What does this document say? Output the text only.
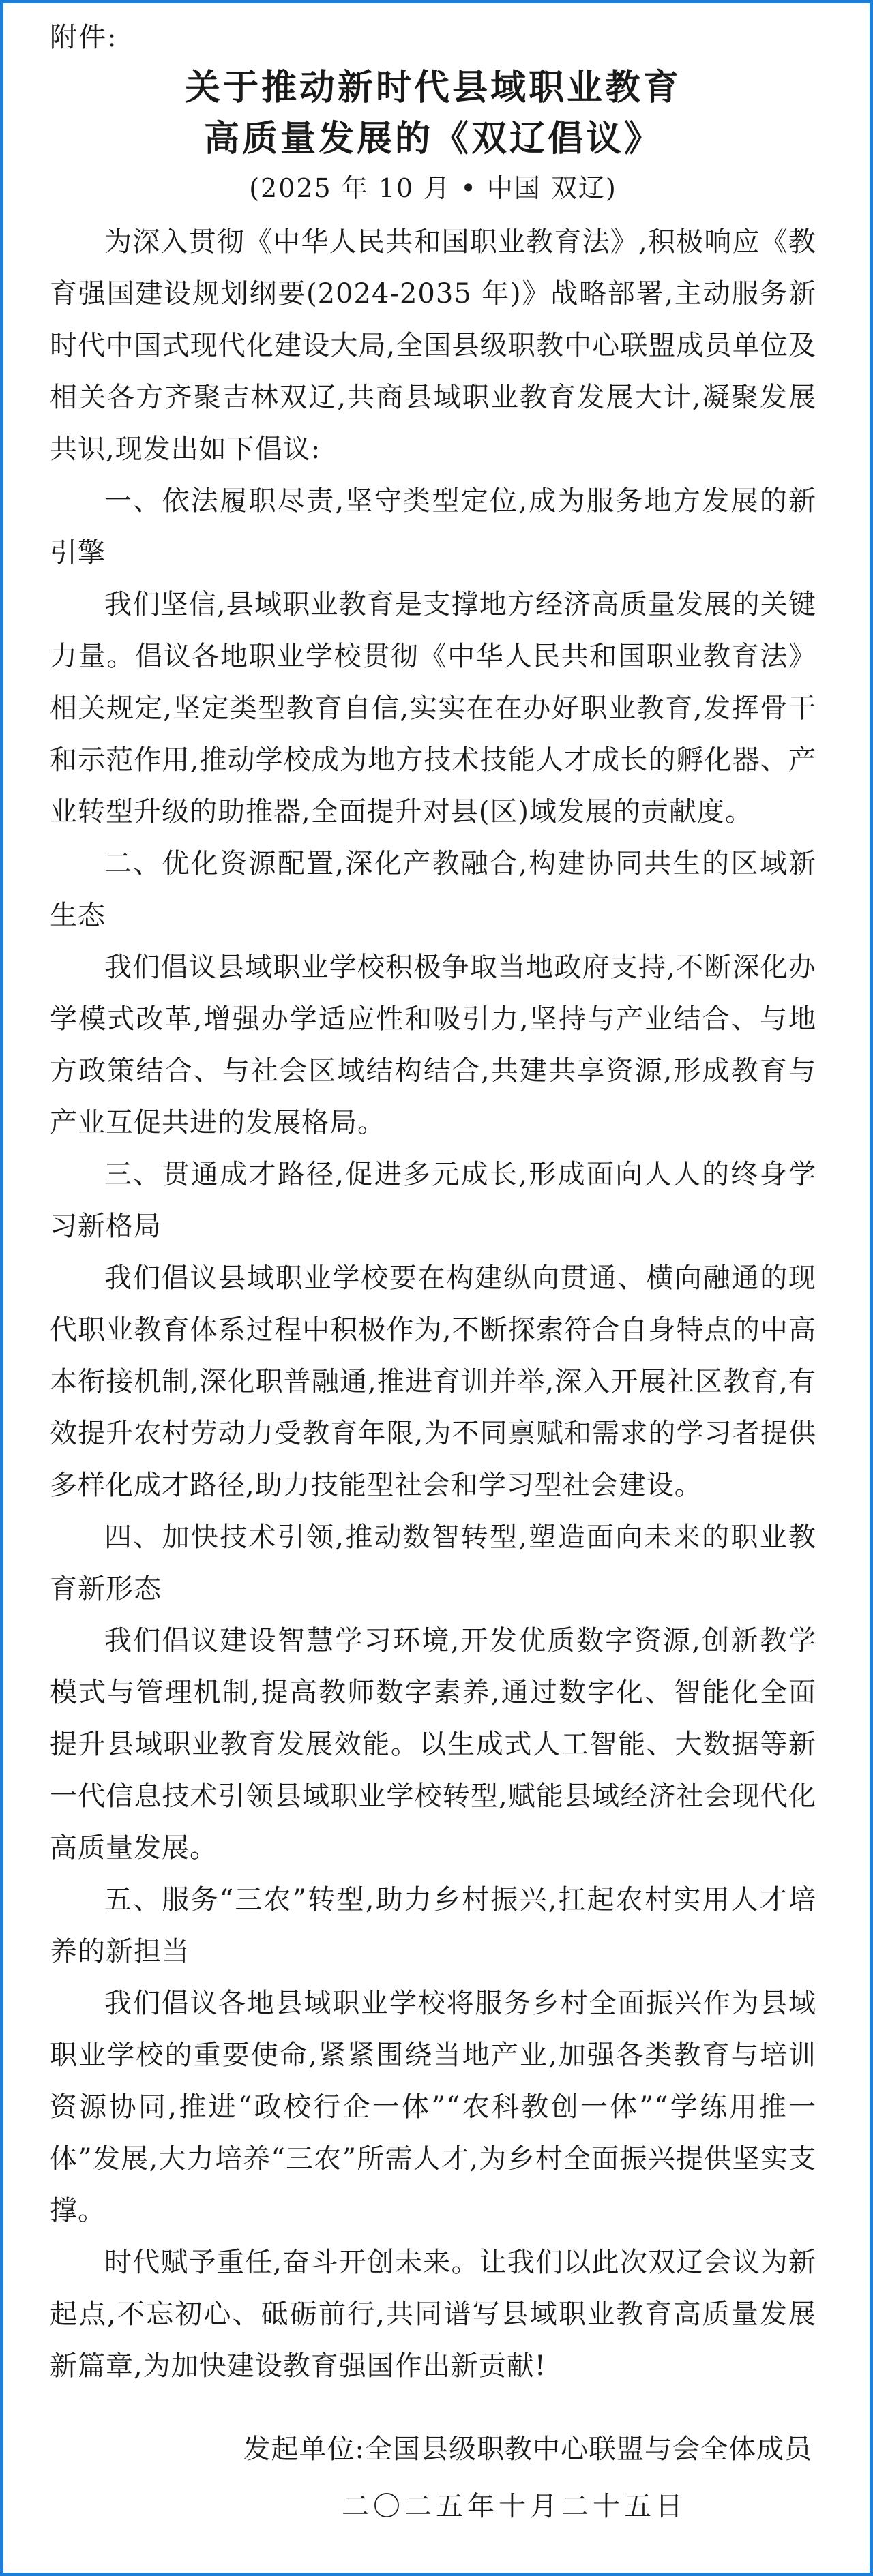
附件:
关于推动新时代县域职业教育
高质量发展的《双辽倡议》
(2025 年 10 月 • 中国 双辽)

为深入贯彻《中华人民共和国职业教育法》,积极响应《教育强国建设规划纲要(2024-2035 年)》战略部署,主动服务新时代中国式现代化建设大局,全国县级职教中心联盟成员单位及相关各方齐聚吉林双辽,共商县域职业教育发展大计,凝聚发展共识,现发出如下倡议:

一、依法履职尽责,坚守类型定位,成为服务地方发展的新引擎

我们坚信,县域职业教育是支撑地方经济高质量发展的关键力量。倡议各地职业学校贯彻《中华人民共和国职业教育法》相关规定,坚定类型教育自信,实实在在办好职业教育,发挥骨干和示范作用,推动学校成为地方技术技能人才成长的孵化器、产业转型升级的助推器,全面提升对县(区)域发展的贡献度。

二、优化资源配置,深化产教融合,构建协同共生的区域新生态

我们倡议县域职业学校积极争取当地政府支持,不断深化办学模式改革,增强办学适应性和吸引力,坚持与产业结合、与地方政策结合、与社会区域结构结合,共建共享资源,形成教育与产业互促共进的发展格局。

三、贯通成才路径,促进多元成长,形成面向人人的终身学习新格局

我们倡议县域职业学校要在构建纵向贯通、横向融通的现代职业教育体系过程中积极作为,不断探索符合自身特点的中高本衔接机制,深化职普融通,推进育训并举,深入开展社区教育,有效提升农村劳动力受教育年限,为不同禀赋和需求的学习者提供多样化成才路径,助力技能型社会和学习型社会建设。

四、加快技术引领,推动数智转型,塑造面向未来的职业教育新形态

我们倡议建设智慧学习环境,开发优质数字资源,创新教学模式与管理机制,提高教师数字素养,通过数字化、智能化全面提升县域职业教育发展效能。以生成式人工智能、大数据等新一代信息技术引领县域职业学校转型,赋能县域经济社会现代化高质量发展。

五、服务“三农”转型,助力乡村振兴,扛起农村实用人才培养的新担当

我们倡议各地县域职业学校将服务乡村全面振兴作为县域职业学校的重要使命,紧紧围绕当地产业,加强各类教育与培训资源协同,推进“政校行企一体”“农科教创一体”“学练用推一体”发展,大力培养“三农”所需人才,为乡村全面振兴提供坚实支撑。

时代赋予重任,奋斗开创未来。让我们以此次双辽会议为新起点,不忘初心、砥砺前行,共同谱写县域职业教育高质量发展新篇章,为加快建设教育强国作出新贡献!

发起单位:全国县级职教中心联盟与会全体成员
二〇二五年十月二十五日
